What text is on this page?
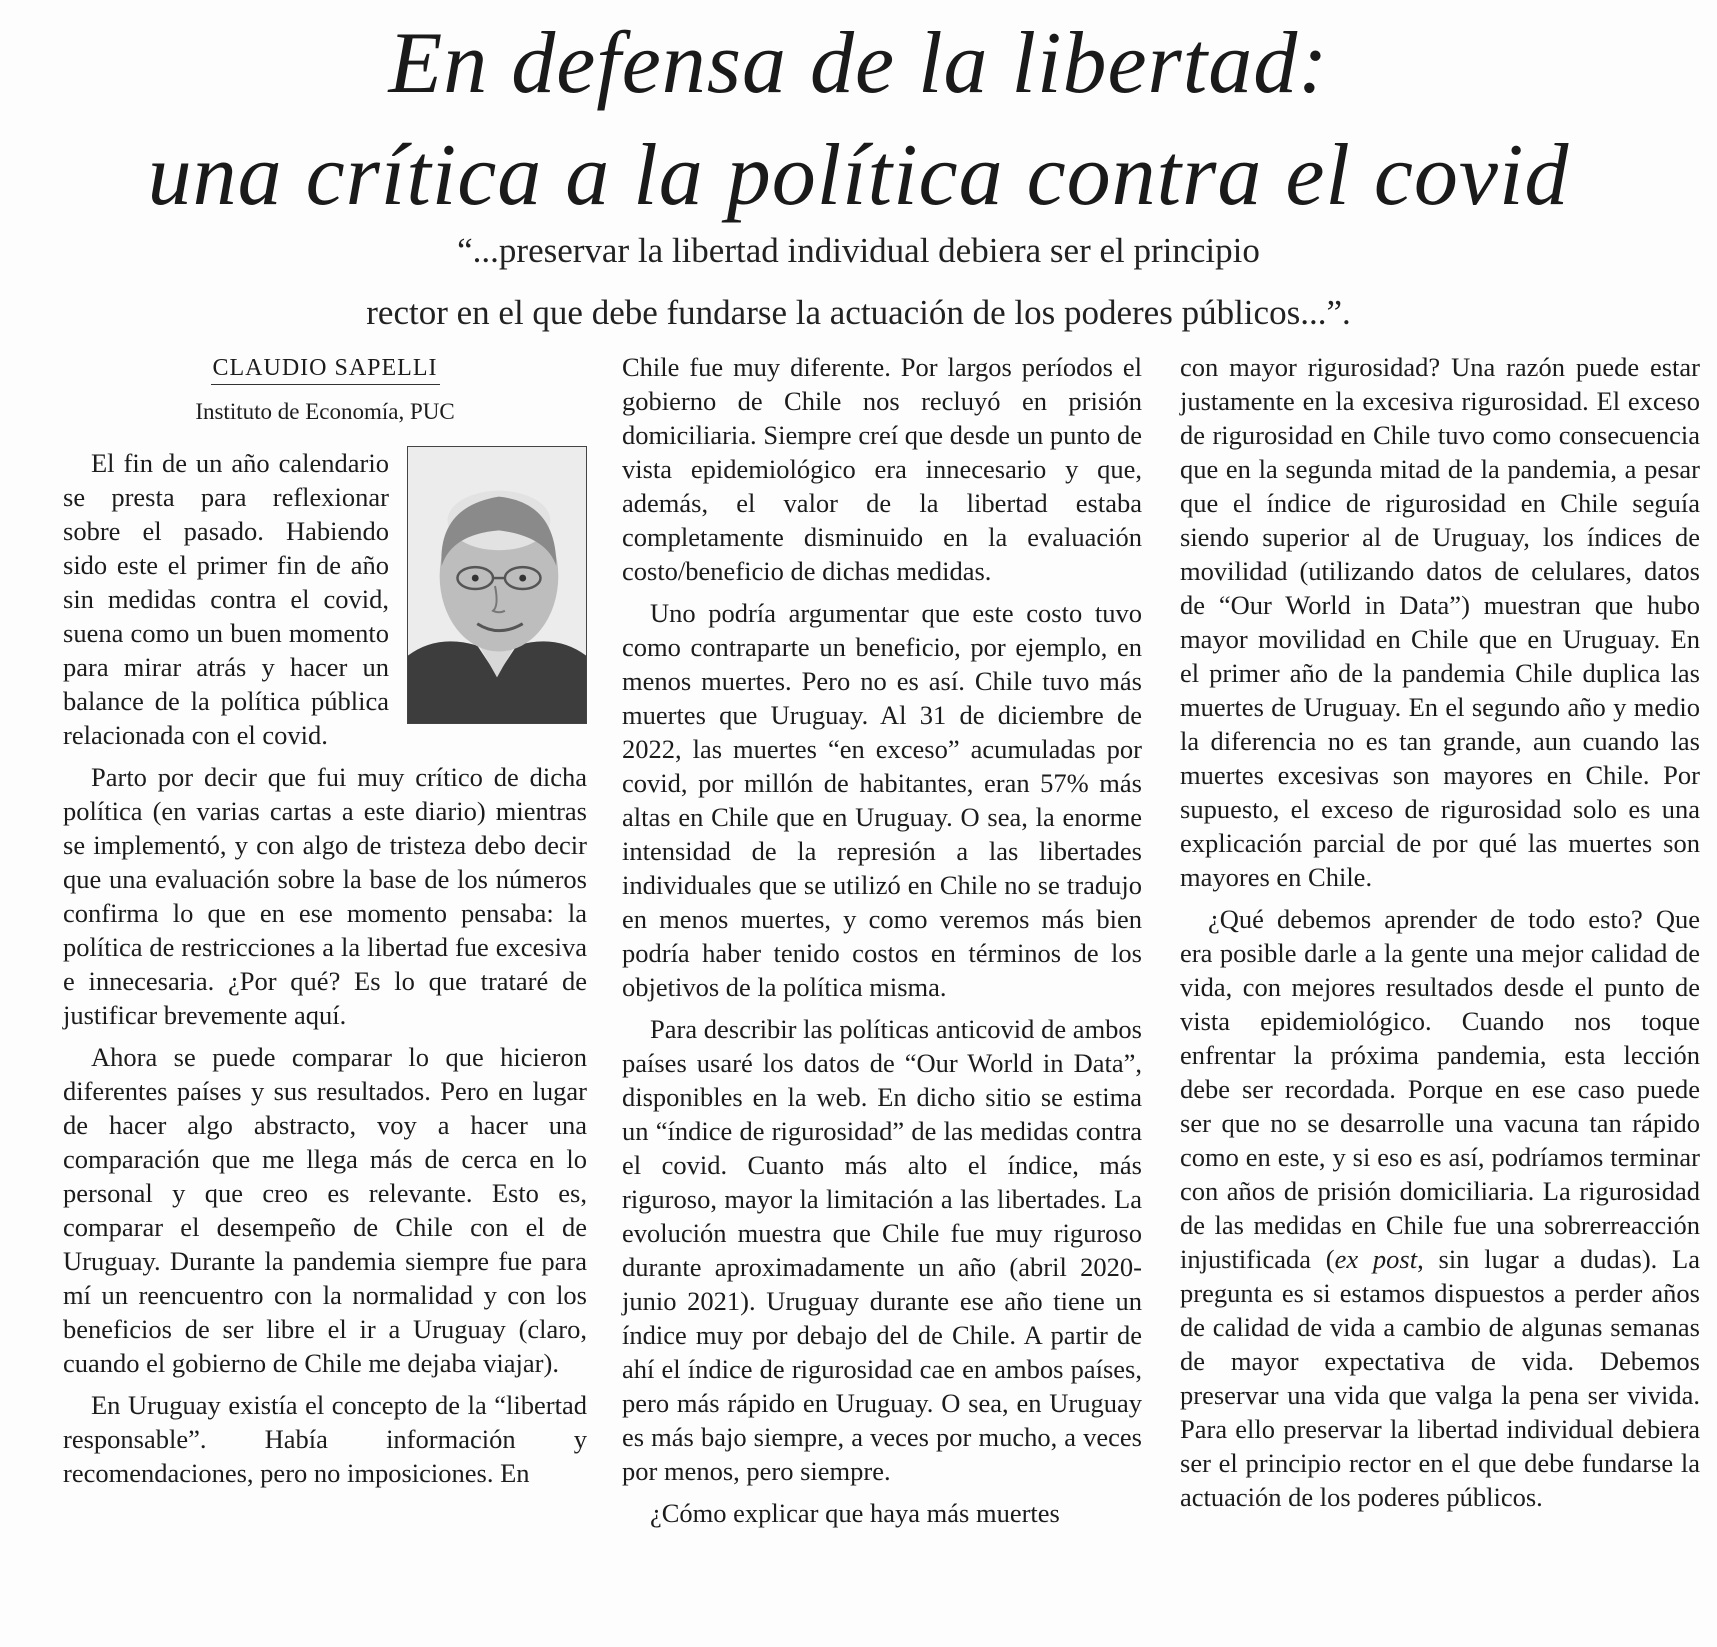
En defensa de la libertad:
una crítica a la política contra el covid
“...preservar la libertad individual debiera ser el principio
rector en el que debe fundarse la actuación de los poderes públicos...”.
CLAUDIO SAPELLI
Instituto de Economía, PUC

El fin de un año calendario se presta para reflexionar sobre el pasado. Habiendo sido este el primer fin de año sin medidas contra el covid, suena como un buen momento para mirar atrás y hacer un balance de la política pública relacionada con el covid.

Parto por decir que fui muy crítico de dicha política (en varias cartas a este diario) mientras se implementó, y con algo de tristeza debo decir que una evaluación sobre la base de los números confirma lo que en ese momento pensaba: la política de restricciones a la libertad fue excesiva e innecesaria. ¿Por qué? Es lo que trataré de justificar brevemente aquí.

Ahora se puede comparar lo que hicieron diferentes países y sus resultados. Pero en lugar de hacer algo abstracto, voy a hacer una comparación que me llega más de cerca en lo personal y que creo es relevante. Esto es, comparar el desempeño de Chile con el de Uruguay. Durante la pandemia siempre fue para mí un reencuentro con la normalidad y con los beneficios de ser libre el ir a Uruguay (claro, cuando el gobierno de Chile me dejaba viajar).

En Uruguay existía el concepto de la “libertad responsable”. Había información y recomendaciones, pero no imposiciones. En

Chile fue muy diferente. Por largos períodos el gobierno de Chile nos recluyó en prisión domiciliaria. Siempre creí que desde un punto de vista epidemiológico era innecesario y que, además, el valor de la libertad estaba completamente disminuido en la evaluación costo/beneficio de dichas medidas.

Uno podría argumentar que este costo tuvo como contraparte un beneficio, por ejemplo, en menos muertes. Pero no es así. Chile tuvo más muertes que Uruguay. Al 31 de diciembre de 2022, las muertes “en exceso” acumuladas por covid, por millón de habitantes, eran 57% más altas en Chile que en Uruguay. O sea, la enorme intensidad de la represión a las libertades individuales que se utilizó en Chile no se tradujo en menos muertes, y como veremos más bien podría haber tenido costos en términos de los objetivos de la política misma.

Para describir las políticas anticovid de ambos países usaré los datos de “Our World in Data”, disponibles en la web. En dicho sitio se estima un “índice de rigurosidad” de las medidas contra el covid. Cuanto más alto el índice, más riguroso, mayor la limitación a las libertades. La evolución muestra que Chile fue muy riguroso durante aproximadamente un año (abril 2020-junio 2021). Uruguay durante ese año tiene un índice muy por debajo del de Chile. A partir de ahí el índice de rigurosidad cae en ambos países, pero más rápido en Uruguay. O sea, en Uruguay es más bajo siempre, a veces por mucho, a veces por menos, pero siempre.

¿Cómo explicar que haya más muertes

con mayor rigurosidad? Una razón puede estar justamente en la excesiva rigurosidad. El exceso de rigurosidad en Chile tuvo como consecuencia que en la segunda mitad de la pandemia, a pesar que el índice de rigurosidad en Chile seguía siendo superior al de Uruguay, los índices de movilidad (utilizando datos de celulares, datos de “Our World in Data”) muestran que hubo mayor movilidad en Chile que en Uruguay. En el primer año de la pandemia Chile duplica las muertes de Uruguay. En el segundo año y medio la diferencia no es tan grande, aun cuando las muertes excesivas son mayores en Chile. Por supuesto, el exceso de rigurosidad solo es una explicación parcial de por qué las muertes son mayores en Chile.

¿Qué debemos aprender de todo esto? Que era posible darle a la gente una mejor calidad de vida, con mejores resultados desde el punto de vista epidemiológico. Cuando nos toque enfrentar la próxima pandemia, esta lección debe ser recordada. Porque en ese caso puede ser que no se desarrolle una vacuna tan rápido como en este, y si eso es así, podríamos terminar con años de prisión domiciliaria. La rigurosidad de las medidas en Chile fue una sobrerreacción injustificada (ex post, sin lugar a dudas). La pregunta es si estamos dispuestos a perder años de calidad de vida a cambio de algunas semanas de mayor expectativa de vida. Debemos preservar una vida que valga la pena ser vivida. Para ello preservar la libertad individual debiera ser el principio rector en el que debe fundarse la actuación de los poderes públicos.
